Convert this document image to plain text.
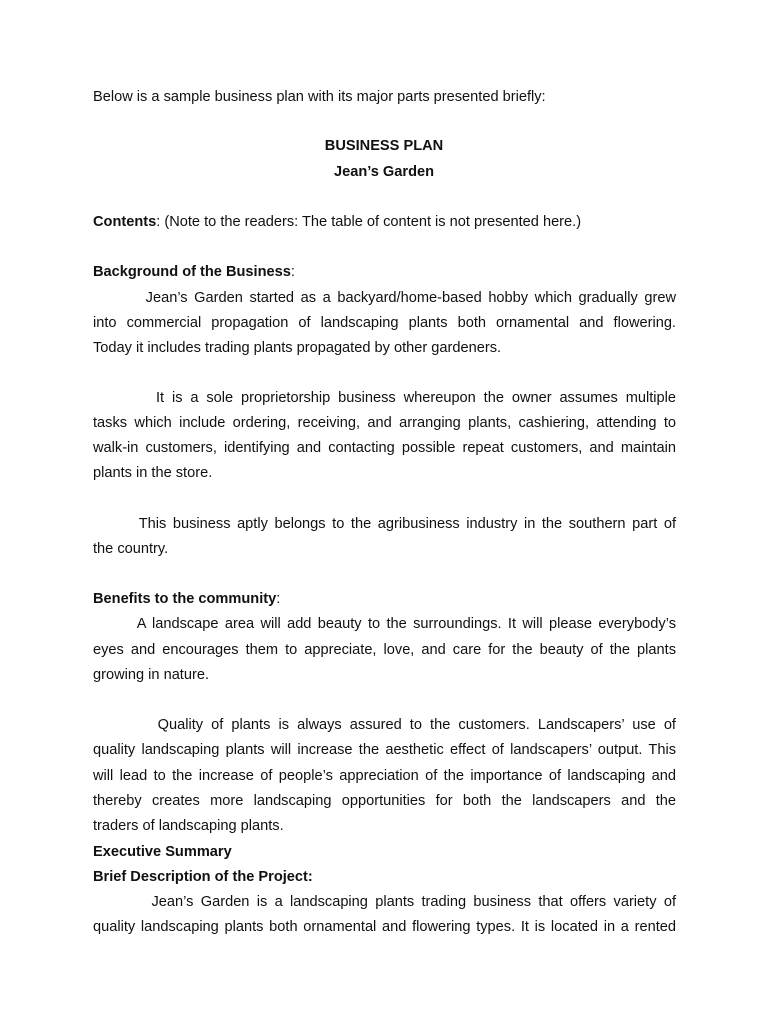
Below is a sample business plan with its major parts presented briefly:
BUSINESS PLAN
Jean’s Garden
Contents: (Note to the readers: The table of content is not presented here.)
Background of the Business:
Jean’s Garden started as a backyard/home-based hobby which gradually grew
into commercial propagation of landscaping plants both ornamental and flowering.
Today it includes trading plants propagated by other gardeners.
It is a sole proprietorship business whereupon the owner assumes multiple
tasks which include ordering, receiving, and arranging plants, cashiering, attending to
walk-in customers, identifying and contacting possible repeat customers, and maintain
plants in the store.
This business aptly belongs to the agribusiness industry in the southern part of
the country.
Benefits to the community:
A landscape area will add beauty to the surroundings. It will please everybody’s
eyes and encourages them to appreciate, love, and care for the beauty of the plants
growing in nature.
Quality of plants is always assured to the customers. Landscapers’ use of
quality landscaping plants will increase the aesthetic effect of landscapers’ output. This
will lead to the increase of people’s appreciation of the importance of landscaping and
thereby creates more landscaping opportunities for both the landscapers and the
traders of landscaping plants.
Executive Summary
Brief Description of the Project:
Jean’s Garden is a landscaping plants trading business that offers variety of
quality landscaping plants both ornamental and flowering types. It is located in a rented
